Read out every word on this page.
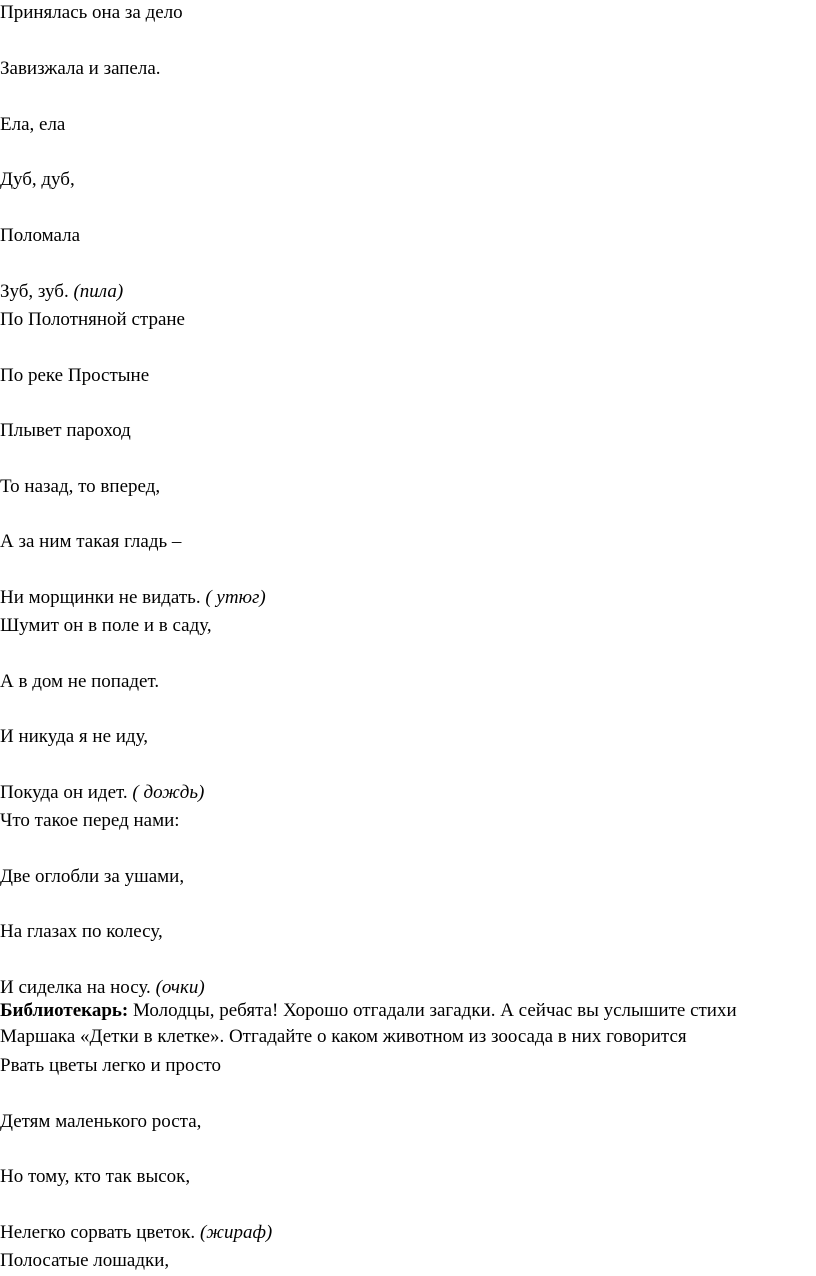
Принялась она за дело
Завизжала и запела.
Ела, ела
Дуб, дуб,
Поломала
Зуб, зуб. (пила)
По Полотняной стране
По реке Простыне
Плывет пароход
То назад, то вперед,
А за ним такая гладь –
Ни морщинки не видать. ( утюг)
Шумит он в поле и в саду,
А в дом не попадет.
И никуда я не иду,
Покуда он идет. ( дождь)
Что такое перед нами:
Две оглобли за ушами,
На глазах по колесу,
И сиделка на носу. (очки)
Библиотекарь: Молодцы, ребята! Хорошо отгадали загадки. А сейчас вы услышите стихи
Маршака «Детки в клетке». Отгадайте о каком животном из зоосада в них говорится
Рвать цветы легко и просто
Детям маленького роста,
Но тому, кто так высок,
Нелегко сорвать цветок. (жираф)
Полосатые лошадки,
